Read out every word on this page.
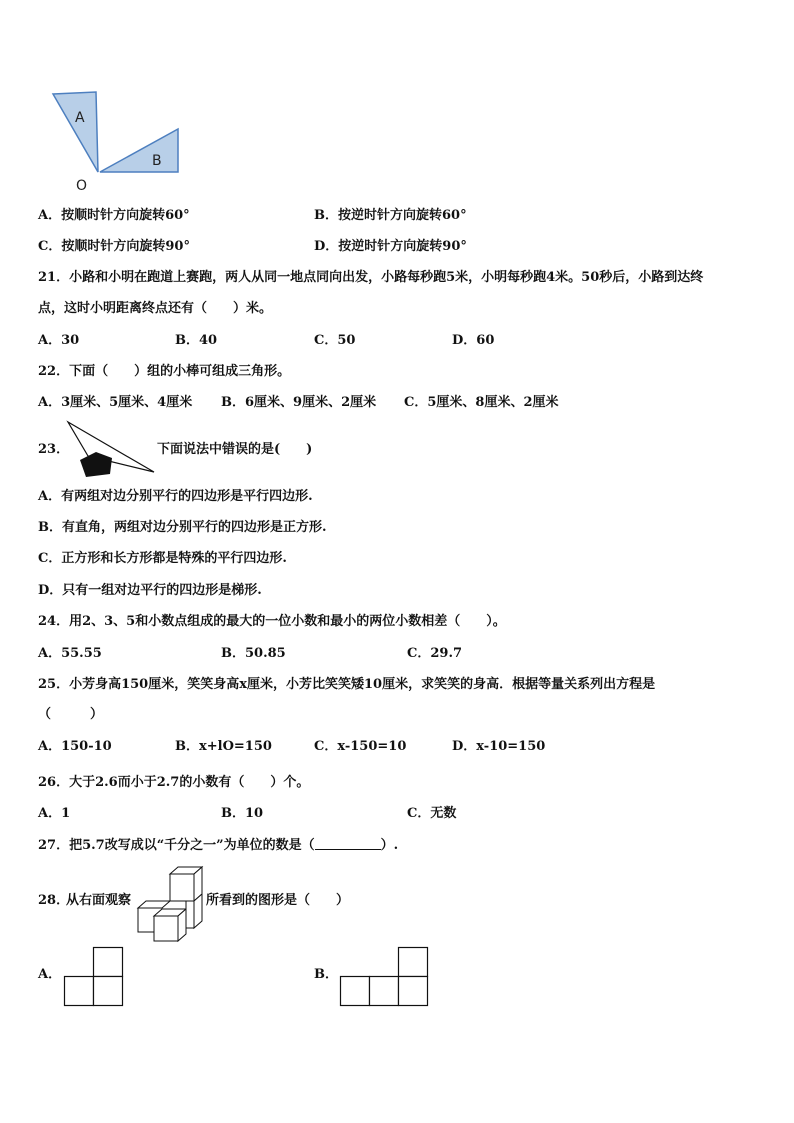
A
B
O
A．按顺时针方向旋转60°	B．按逆时针方向旋转60°
C．按顺时针方向旋转90°	D．按逆时针方向旋转90°
21．小路和小明在跑道上赛跑，两人从同一地点同向出发，小路每秒跑5米，小明每秒跑4米。50秒后，小路到达终
点，这时小明距离终点还有（　　）米。
A．30	B．40	C．50	D．60
22．下面（　　）组的小棒可组成三角形。
A．3厘米、5厘米、4厘米 B．6厘米、9厘米、2厘米 C．5厘米、8厘米、2厘米
23．	下面说法中错误的是(　　)
A．有两组对边分别平行的四边形是平行四边形.
B．有直角，两组对边分别平行的四边形是正方形.
C．正方形和长方形都是特殊的平行四边形.
D．只有一组对边平行的四边形是梯形.
24．用2、3、5和小数点组成的最大的一位小数和最小的两位小数相差（　　）。
A．55.55	B．50.85	C．29.7
25．小芳身高150厘米，笑笑身高x厘米，小芳比笑笑矮10厘米，求笑笑的身高．根据等量关系列出方程是
（　　　）
A．150-10	B．x+lO=150	C．x-150=10	D．x-10=150
26．大于2.6而小于2.7的小数有（　　）个。
A．1	B．10	C．无数
27．把5.7改写成以“千分之一”为单位的数是（	）.
28．
从右面观察	所看到的图形是（　　）
A．	B．
